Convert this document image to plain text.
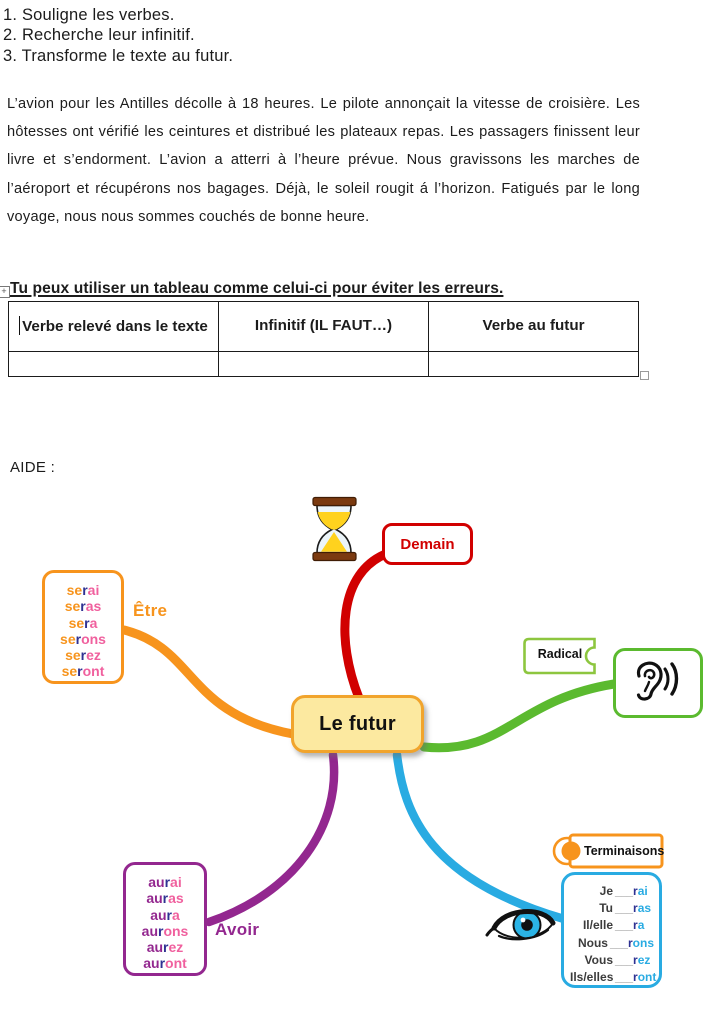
1. Souligne les verbes.
2. Recherche leur infinitif.
3. Transforme le texte au futur.
L’avion pour les Antilles décolle à 18 heures. Le pilote annonçait la vitesse de croisière. Les hôtesses ont vérifié les ceintures et distribué les plateaux repas. Les passagers finissent leur livre et s’endorment. L’avion a atterri à l’heure prévue. Nous gravissons les marches de l’aéroport et récupérons nos bagages. Déjà, le soleil rougit á l’horizon. Fatigués par le long voyage, nous nous sommes couchés de bonne heure.
+ Tu peux utiliser un tableau comme celui-ci pour éviter les erreurs.
Verbe relevé dans le texte	Infinitif (IL FAUT…)	Verbe au futur

AIDE :
Demain
serai
seras
sera
serons
serez
seront
Être
Le futur
Radical
aurai
auras
aura
aurons
aurez
auront
Avoir
Terminaisons
Je ___ r ai
Tu ___ r as
Il/elle ___ r a
Nous ___ r ons
Vous ___ r ez
Ils/elles ___ r ont
